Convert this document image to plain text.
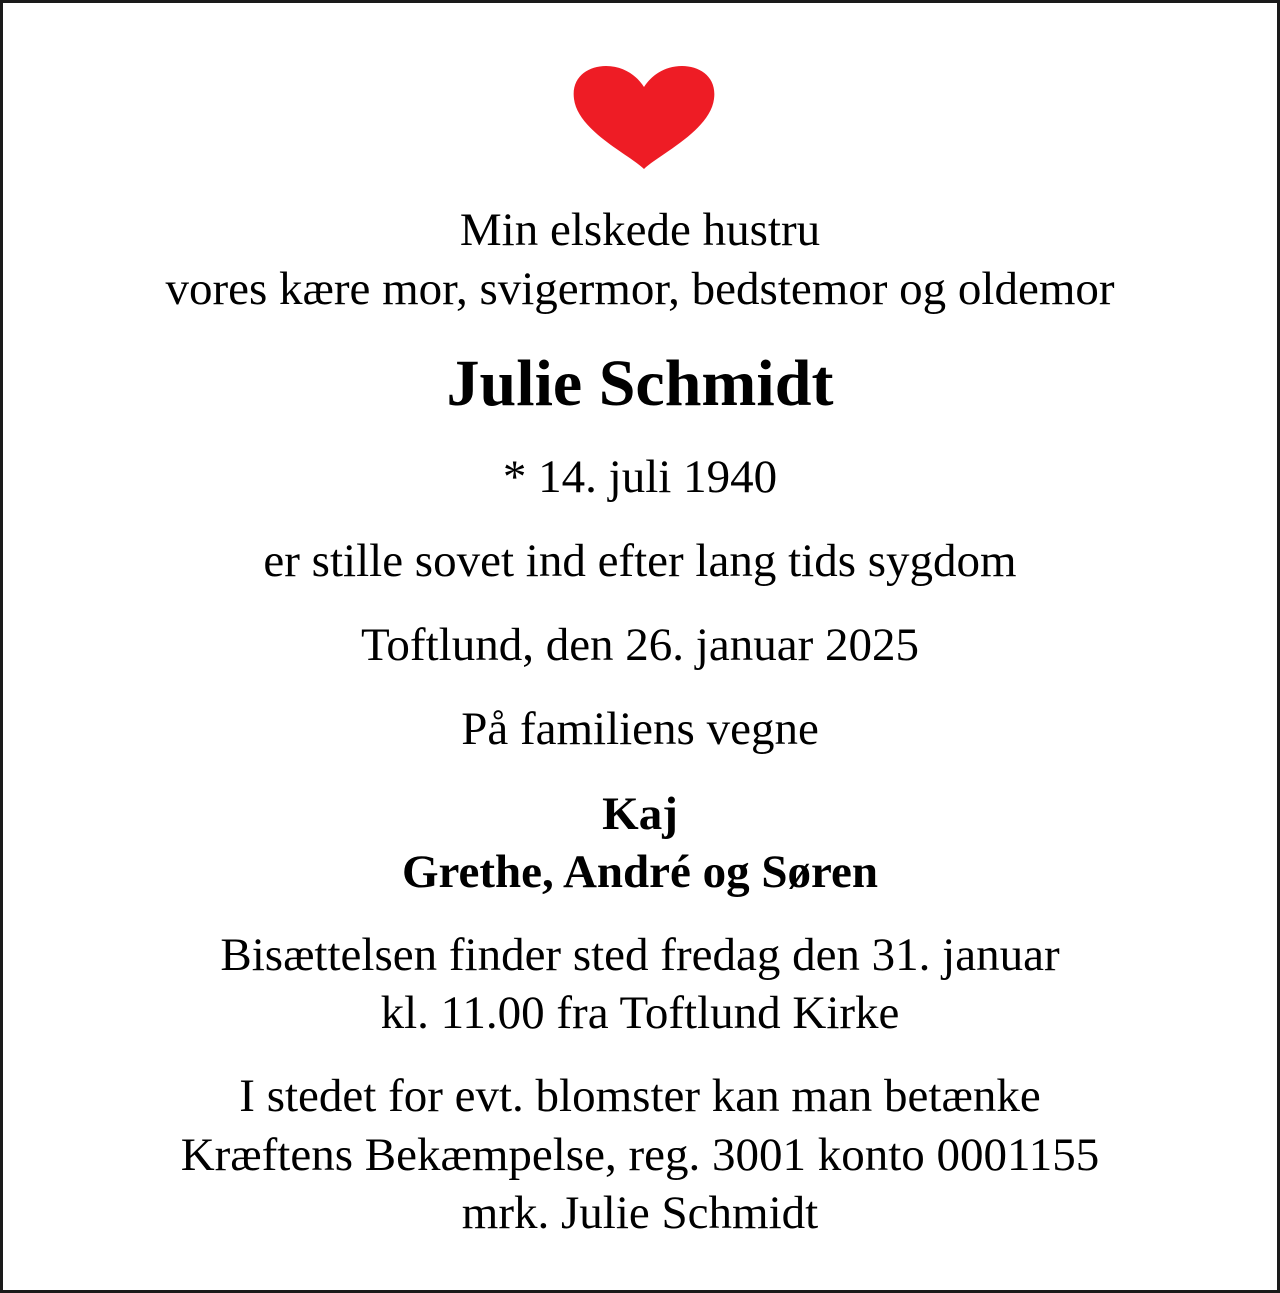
Min elskede hustru
vores kære mor, svigermor, bedstemor og oldemor
Julie Schmidt
* 14. juli 1940
er stille sovet ind efter lang tids sygdom
Toftlund, den 26. januar 2025
På familiens vegne
Kaj
Grethe, André og Søren
Bisættelsen finder sted fredag den 31. januar
kl. 11.00 fra Toftlund Kirke
I stedet for evt. blomster kan man betænke
Kræftens Bekæmpelse, reg. 3001 konto 0001155
mrk. Julie Schmidt
